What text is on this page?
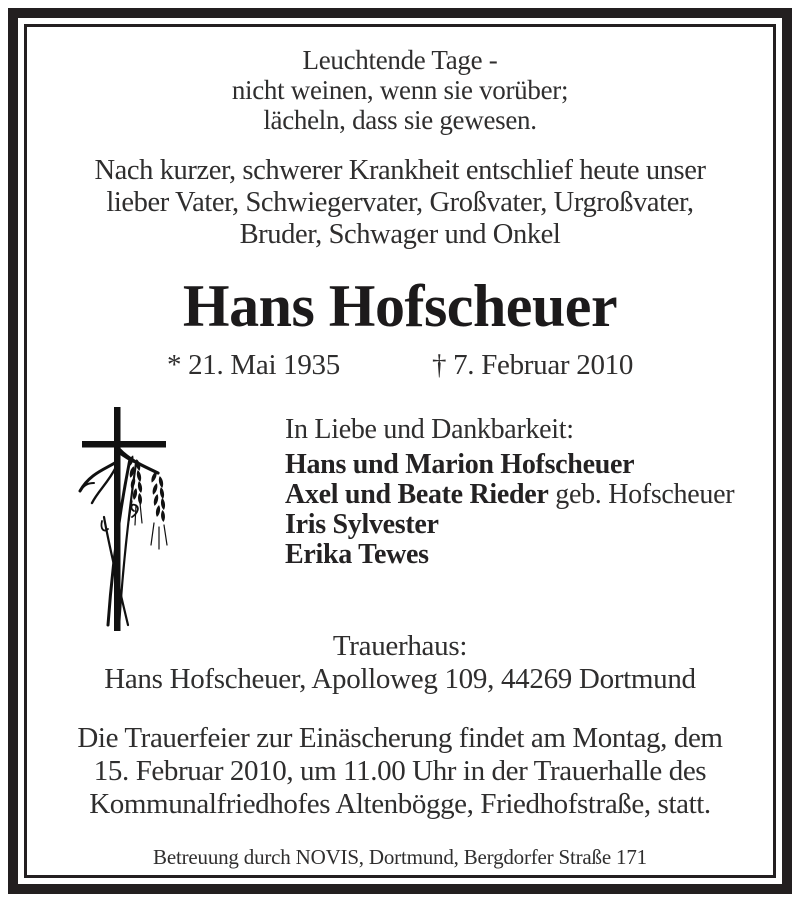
Leuchtende Tage -
nicht weinen, wenn sie vorüber;
lächeln, dass sie gewesen.
Nach kurzer, schwerer Krankheit entschlief heute unser
lieber Vater, Schwiegervater, Großvater, Urgroßvater,
Bruder, Schwager und Onkel
Hans Hofscheuer
* 21. Mai 1935	† 7. Februar 2010
In Liebe und Dankbarkeit:
Hans und Marion Hofscheuer
Axel und Beate Rieder geb. Hofscheuer
Iris Sylvester
Erika Tewes
Trauerhaus:
Hans Hofscheuer, Apolloweg 109, 44269 Dortmund
Die Trauerfeier zur Einäscherung findet am Montag, dem
15. Februar 2010, um 11.00 Uhr in der Trauerhalle des
Kommunalfriedhofes Altenbögge, Friedhofstraße, statt.
Betreuung durch NOVIS, Dortmund, Bergdorfer Straße 171
